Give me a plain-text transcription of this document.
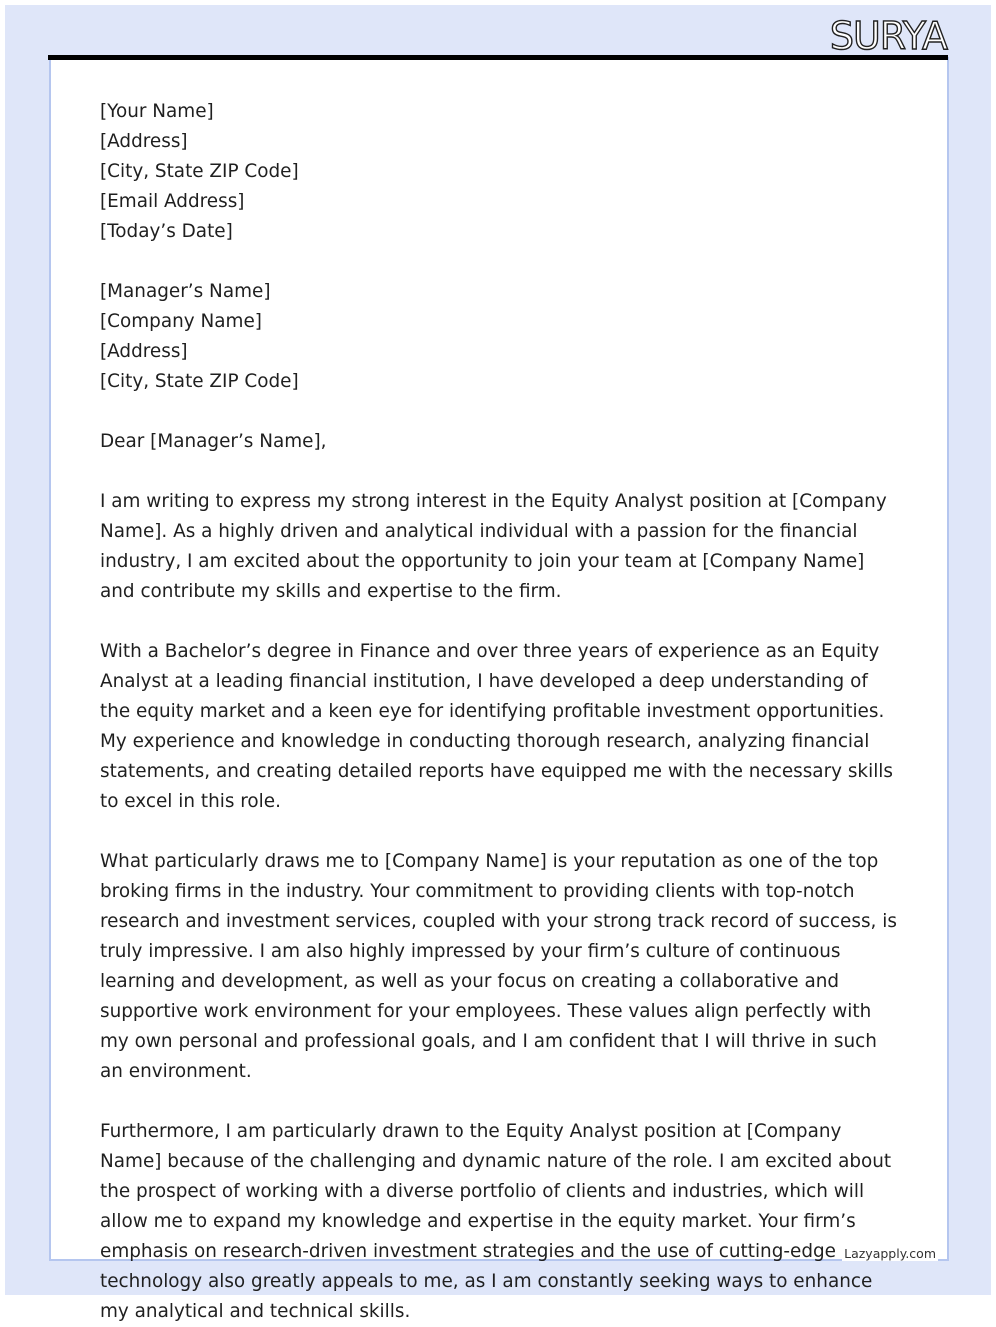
SURYA
[Your Name]
[Address]
[City, State ZIP Code]
[Email Address]
[Today’s Date]
[Manager’s Name]
[Company Name]
[Address]
[City, State ZIP Code]
Dear [Manager’s Name],

I am writing to express my strong interest in the Equity Analyst position at [Company Name]. As a highly driven and analytical individual with a passion for the financial industry, I am excited about the opportunity to join your team at [Company Name] and contribute my skills and expertise to the firm.

With a Bachelor’s degree in Finance and over three years of experience as an Equity Analyst at a leading financial institution, I have developed a deep understanding of the equity market and a keen eye for identifying profitable investment opportunities. My experience and knowledge in conducting thorough research, analyzing financial statements, and creating detailed reports have equipped me with the necessary skills to excel in this role.

What particularly draws me to [Company Name] is your reputation as one of the top broking firms in the industry. Your commitment to providing clients with top-notch research and investment services, coupled with your strong track record of success, is truly impressive. I am also highly impressed by your firm’s culture of continuous learning and development, as well as your focus on creating a collaborative and supportive work environment for your employees. These values align perfectly with my own personal and professional goals, and I am confident that I will thrive in such an environment.

Furthermore, I am particularly drawn to the Equity Analyst position at [Company Name] because of the challenging and dynamic nature of the role. I am excited about the prospect of working with a diverse portfolio of clients and industries, which will allow me to expand my knowledge and expertise in the equity market. Your firm’s emphasis on research-driven investment strategies and the use of cutting-edge technology also greatly appeals to me, as I am constantly seeking ways to enhance my analytical and technical skills.

Lazyapply.com
